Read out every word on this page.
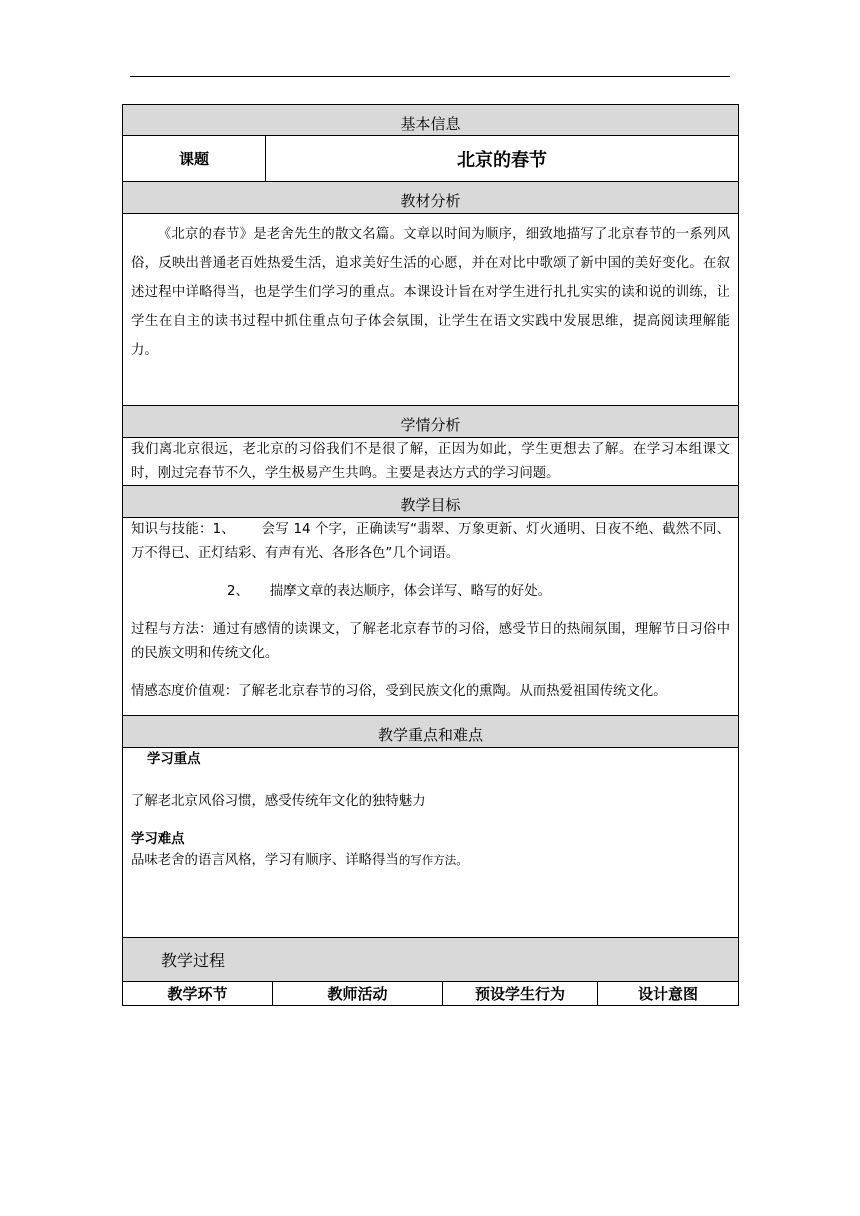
基本信息
课题	北京的春节
教材分析
《北京的春节》是老舍先生的散文名篇。文章以时间为顺序，细致地描写了北京春节的一系列风俗，反映出普通老百姓热爱生活，追求美好生活的心愿，并在对比中歌颂了新中国的美好变化。在叙述过程中详略得当，也是学生们学习的重点。本课设计旨在对学生进行扎扎实实的读和说的训练，让学生在自主的读书过程中抓住重点句子体会氛围，让学生在语文实践中发展思维，提高阅读理解能力。
学情分析
我们离北京很远，老北京的习俗我们不是很了解，正因为如此，学生更想去了解。在学习本组课文时，刚过完春节不久，学生极易产生共鸣。主要是表达方式的学习问题。
教学目标
知识与技能：1、 会写 14 个字，正确读写“翡翠、万象更新、灯火通明、日夜不绝、截然不同、万不得已、正灯结彩、有声有光、各形各色”几个词语。
2、 揣摩文章的表达顺序，体会详写、略写的好处。
过程与方法：通过有感情的读课文，了解老北京春节的习俗，感受节日的热闹氛围，理解节日习俗中的民族文明和传统文化。
情感态度价值观：了解老北京春节的习俗，受到民族文化的熏陶。从而热爱祖国传统文化。
教学重点和难点
学习重点
了解老北京风俗习惯，感受传统年文化的独特魅力
学习难点
品味老舍的语言风格，学习有顺序、详略得当的写作方法。
教学过程
教学环节	教师活动	预设学生行为	设计意图
